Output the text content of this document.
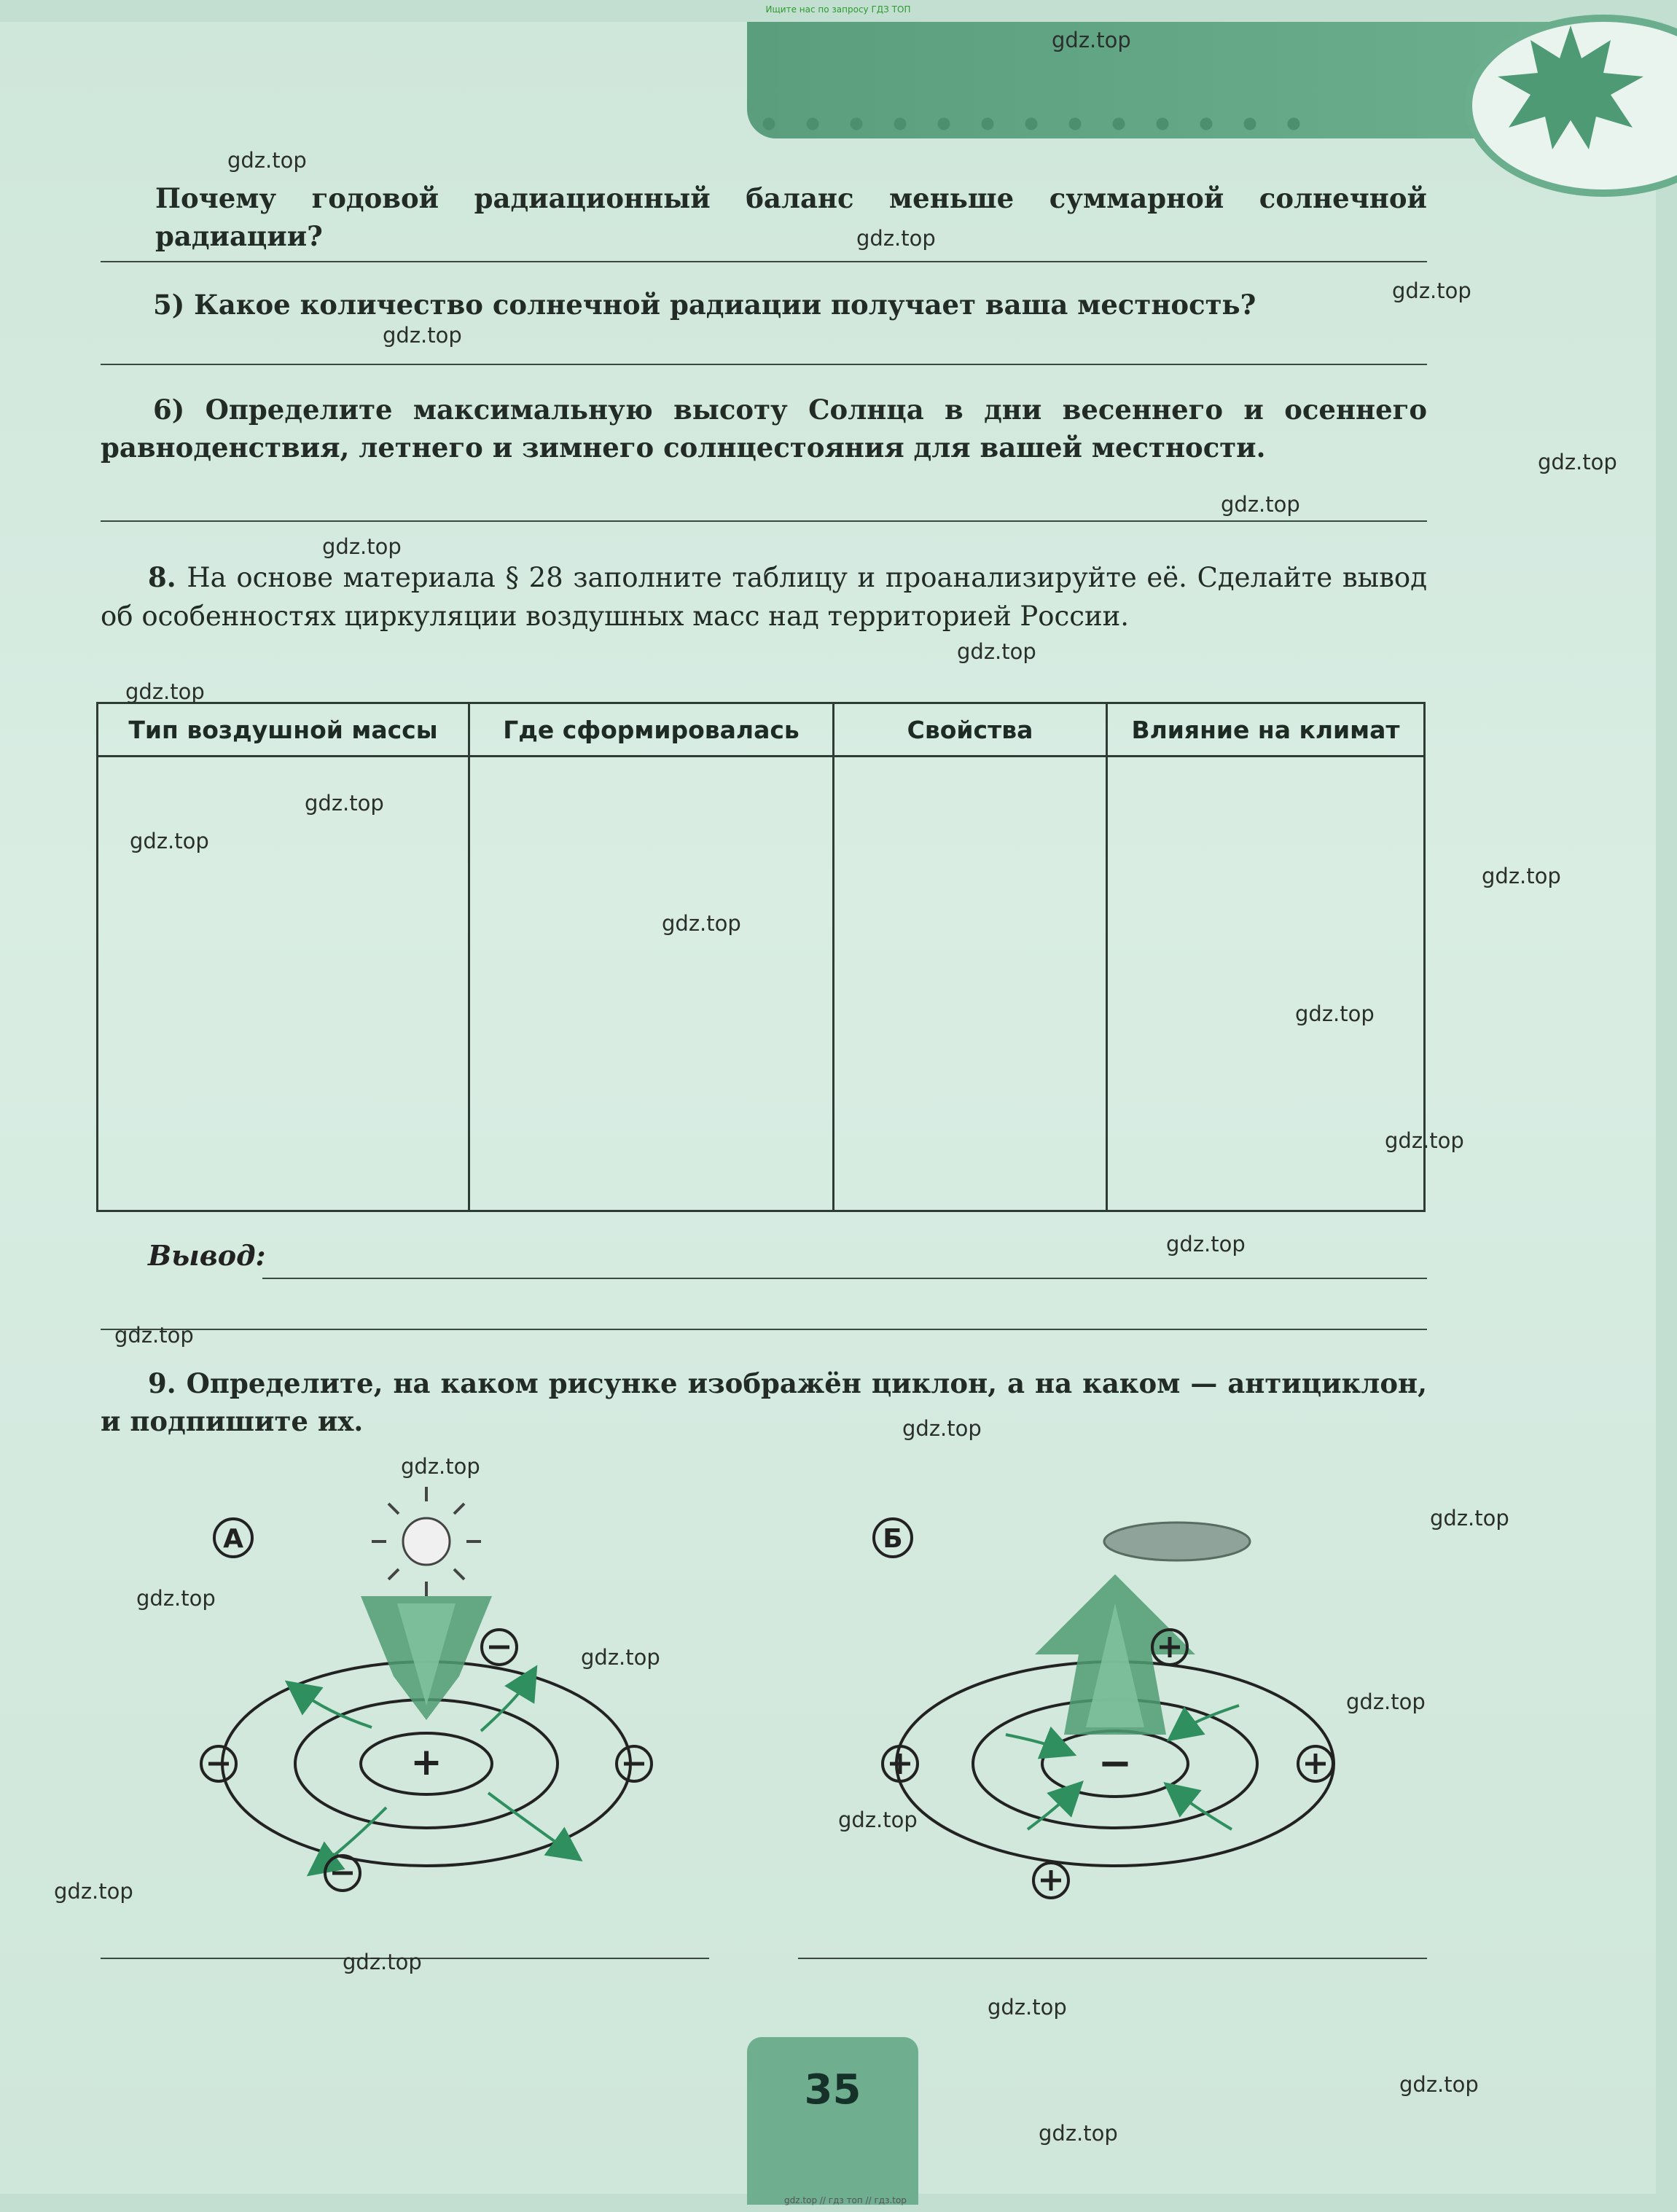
Ищите нас по запросу ГДЗ ТОП
Почему годовой радиационный баланс меньше суммарной солнечной радиации?
5) Какое количество солнечной радиации получает ваша местность?
6) Определите максимальную высоту Солнца в дни весеннего и осеннего равноденствия, летнего и зимнего солнцестояния для вашей местности.
8. На основе материала § 28 заполните таблицу и проанализируйте её. Сделайте вывод об особенностях циркуляции воздушных масс над территорией России.
Тип воздушной массы	Где сформировалась	Свойства	Влияние на климат
Вывод:
9. Определите, на каком рисунке изображён циклон, а на каком — антициклон, и подпишите их.
А
+
Б
−
35
gdz.top
gdz.top
gdz.top
gdz.top
gdz.top
gdz.top
gdz.top
gdz.top
gdz.top
gdz.top
gdz.top
gdz.top
gdz.top
gdz.top
gdz.top
gdz.top
gdz.top
gdz.top
gdz.top
gdz.top
gdz.top
gdz.top
gdz.top
gdz.top
gdz.top
gdz.top
gdz.top
gdz.top
gdz.top
gdz.top
gdz.top // гдз топ // гдз.top
